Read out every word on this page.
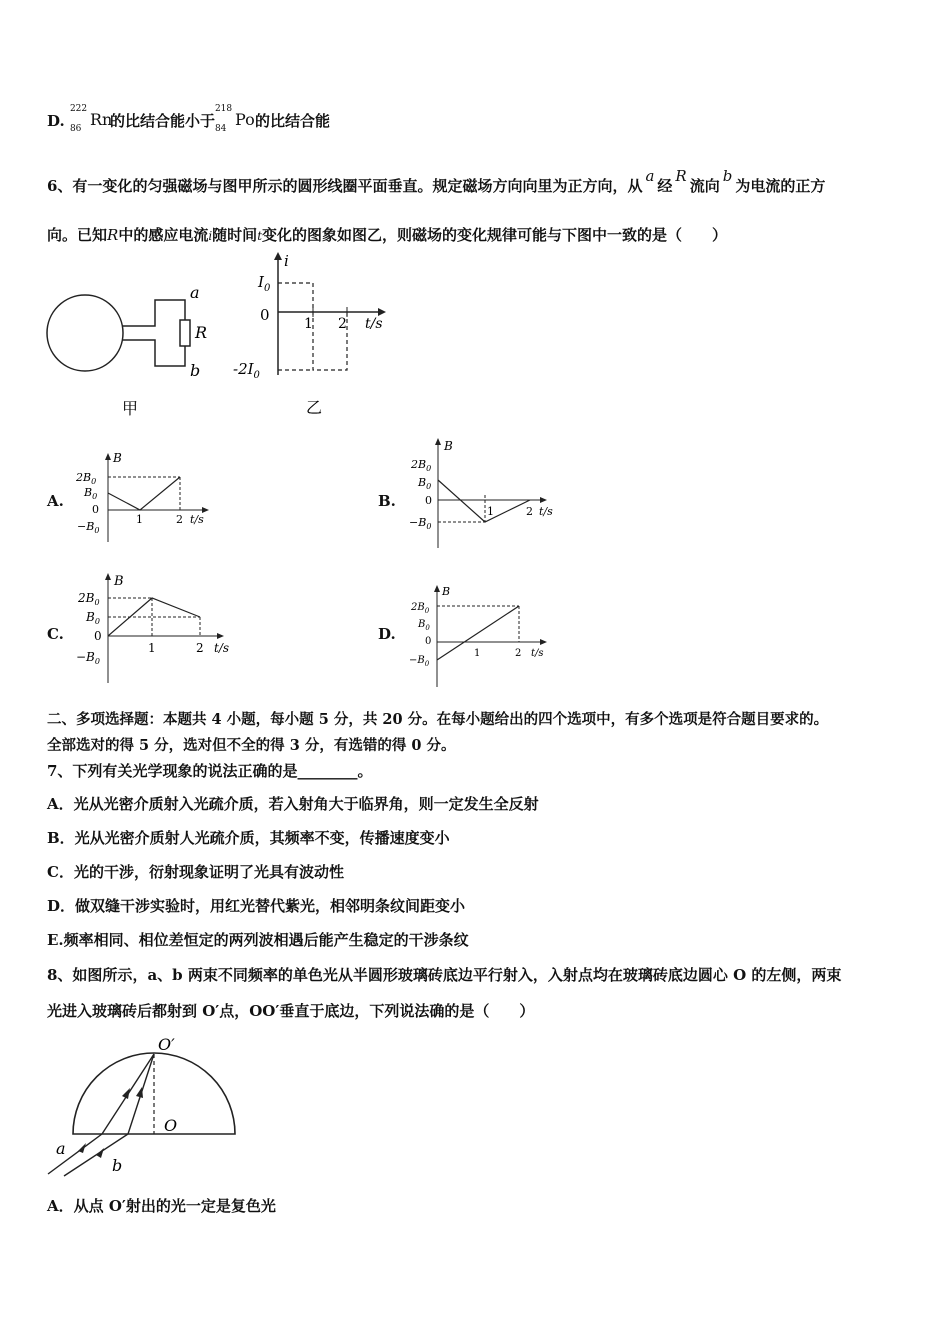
D.
222
86 Rn
的比结合能小于
218
84 Po 的比结合能
6、有一变化的匀强磁场与图甲所示的圆形线圈平面垂直。规定磁场方向向里为正方向，从a经R流向b为电流的正方
向。已知R中的感应电流i随时间t变化的图象如图乙，则磁场的变化规律可能与下图中一致的是（　　）
a
R
b
甲
i
$I_0$
0
$-2I_0$
1 2 t/s
乙
A.
B
$2B_0$
$B_0$
0
$-B_0$
1	2 t/s
B.
B
$2B_0$
$B_0$
0
$-B_0$
1	2 t/s
C.
B
$2B_0$
$B_0$
0
$-B_0$
1	2 t/s
D.
B
$2B_0$
$B_0$
0
$-B_0$
1	2 t/s
二、多项选择题：本题共 4 小题，每小题 5 分，共 20 分。在每小题给出的四个选项中，有多个选项是符合题目要求的。
全部选对的得 5 分，选对但不全的得 3 分，有选错的得 0 分。
7、下列有关光学现象的说法正确的是________。
A．光从光密介质射入光疏介质，若入射角大于临界角，则一定发生全反射
B．光从光密介质射人光疏介质，其频率不变，传播速度变小
C．光的干涉，衍射现象证明了光具有波动性
D．做双缝干涉实验时，用红光替代紫光，相邻明条纹间距变小
E.频率相同、相位差恒定的两列波相遇后能产生稳定的干涉条纹
8、如图所示，a、b 两束不同频率的单色光从半圆形玻璃砖底边平行射入，入射点均在玻璃砖底边圆心 O 的左侧，两束
光进入玻璃砖后都射到 O′点，OO′垂直于底边，下列说法确的是（　　）
O′
O
a
b
A．从点 O′射出的光一定是复色光
